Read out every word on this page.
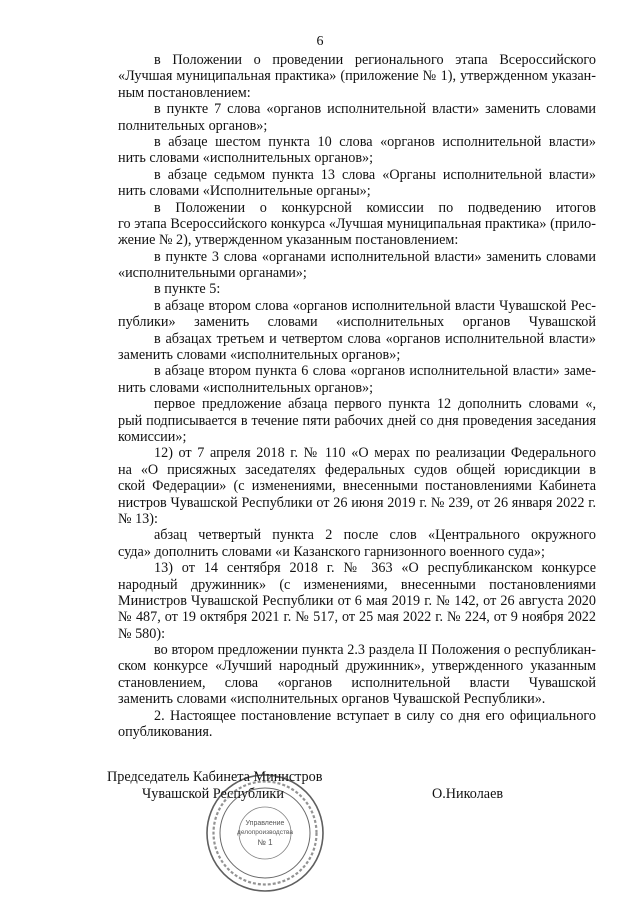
6
в Положении о проведении регионального этапа Всероссийского
«Лучшая муниципальная практика» (приложение № 1), утвержденном указан-
ным постановлением:
в пункте 7 слова «органов исполнительной власти» заменить словами
полнительных органов»;
в абзаце шестом пункта 10 слова «органов исполнительной власти»
нить словами «исполнительных органов»;
в абзаце седьмом пункта 13 слова «Органы исполнительной власти»
нить словами «Исполнительные органы»;
в Положении о конкурсной комиссии по подведению итогов
го этапа Всероссийского конкурса «Лучшая муниципальная практика» (прило-
жение № 2), утвержденном указанным постановлением:
в пункте 3 слова «органами исполнительной власти» заменить словами
«исполнительными органами»;
в пункте 5:
в абзаце втором слова «органов исполнительной власти Чувашской Рес-
публики» заменить словами «исполнительных органов Чувашской
в абзацах третьем и четвертом слова «органов исполнительной власти»
заменить словами «исполнительных органов»;
в абзаце втором пункта 6 слова «органов исполнительной власти» заме-
нить словами «исполнительных органов»;
первое предложение абзаца первого пункта 12 дополнить словами «,
рый подписывается в течение пяти рабочих дней со дня проведения заседания
комиссии»;
12) от 7 апреля 2018 г. № 110 «О мерах по реализации Федерального
на «О присяжных заседателях федеральных судов общей юрисдикции в
ской Федерации» (с изменениями, внесенными постановлениями Кабинета
нистров Чувашской Республики от 26 июня 2019 г. № 239, от 26 января 2022 г.
№ 13):
абзац четвертый пункта 2 после слов «Центрального окружного
суда» дополнить словами «и Казанского гарнизонного военного суда»;
13) от 14 сентября 2018 г. № 363 «О республиканском конкурсе
народный дружинник» (с изменениями, внесенными постановлениями
Министров Чувашской Республики от 6 мая 2019 г. № 142, от 26 августа 2020
№ 487, от 19 октября 2021 г. № 517, от 25 мая 2022 г. № 224, от 9 ноября 2022
№ 580):
во втором предложении пункта 2.3 раздела II Положения о республикан-
ском конкурсе «Лучший народный дружинник», утвержденного указанным
становлением, слова «органов исполнительной власти Чувашской
заменить словами «исполнительных органов Чувашской Республики».
2. Настоящее постановление вступает в силу со дня его официального
опубликования.
Председатель Кабинета Министров
Чувашской Республики	О.Николаев
Управление
делопроизводства
№ 1
